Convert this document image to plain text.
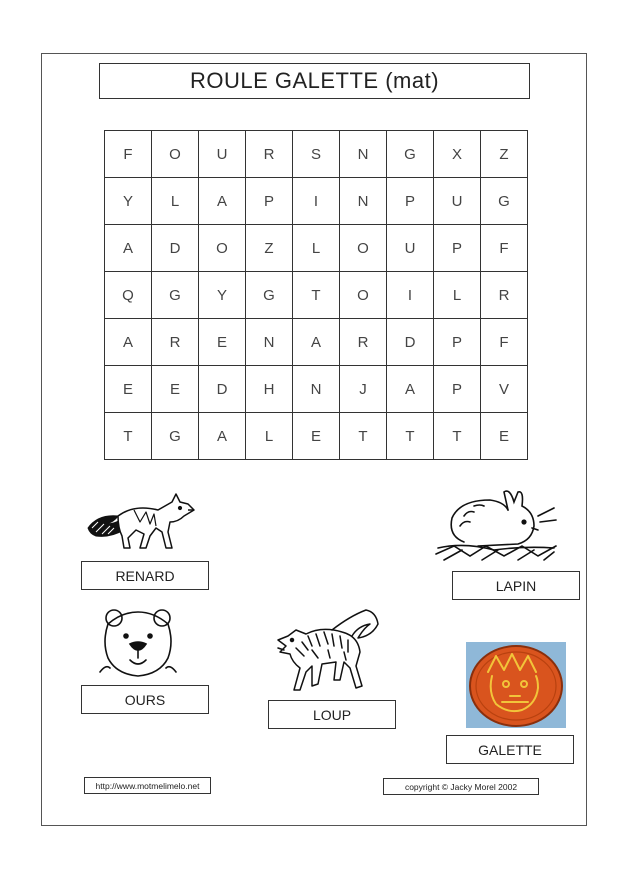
ROULE GALETTE (mat)
F	O	U	R	S	N	G	X	Z
Y	L	A	P	I	N	P	U	G
A	D	O	Z	L	O	U	P	F
Q	G	Y	G	T	O	I	L	R
A	R	E	N	A	R	D	P	F
E	E	D	H	N	J	A	P	V
T	G	A	L	E	T	T	T	E
RENARD
LAPIN
OURS
LOUP
GALETTE
http://www.motmelimelo.net	copyright © Jacky Morel 2002
